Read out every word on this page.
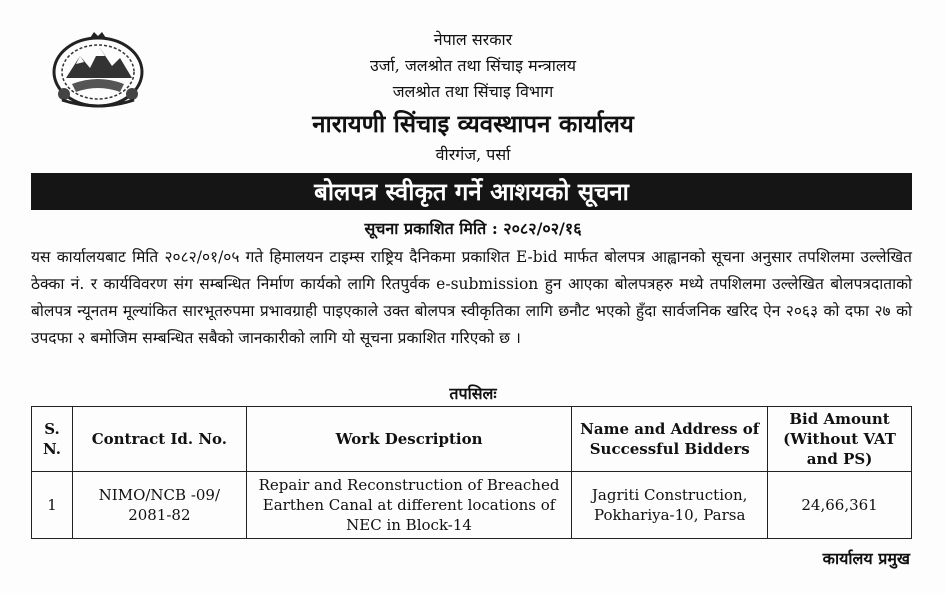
नेपाल सरकार
उर्जा, जलश्रोत तथा सिंचाइ मन्त्रालय
जलश्रोत तथा सिंचाइ विभाग
नारायणी सिंचाइ व्यवस्थापन कार्यालय
वीरगंज, पर्सा
बोलपत्र स्वीकृत गर्ने आशयको सूचना
सूचना प्रकाशित मिति : २०८२/०२/१६
यस कार्यालयबाट मिति २०८२/०१/०५ गते हिमालयन टाइम्स राष्ट्रिय दैनिकमा प्रकाशित E-bid मार्फत बोलपत्र आह्वानको सूचना अनुसार तपशिलमा उल्लेखित ठेक्का नं. र कार्यविवरण संग सम्बन्धित निर्माण कार्यको लागि रितपुर्वक e-submission हुन आएका बोलपत्रहरु मध्ये तपशिलमा उल्लेखित बोलपत्रदाताको बोलपत्र न्यूनतम मूल्यांकित सारभूतरुपमा प्रभावग्राही पाइएकाले उक्त बोलपत्र स्वीकृतिका लागि छनौट भएको हुँदा सार्वजनिक खरिद ऐन २०६३ को दफा २७ को उपदफा २ बमोजिम सम्बन्धित सबैको जानकारीको लागि यो सूचना प्रकाशित गरिएको छ ।
तपसिलः
S. N.	Contract Id. No.	Work Description	Name and Address of Successful Bidders	Bid Amount (Without VAT and PS)
1	NIMO/NCB -09/ 2081-82	Repair and Reconstruction of Breached Earthen Canal at different locations of NEC in Block-14	Jagriti Construction, Pokhariya-10, Parsa	24,66,361
कार्यालय प्रमुख
